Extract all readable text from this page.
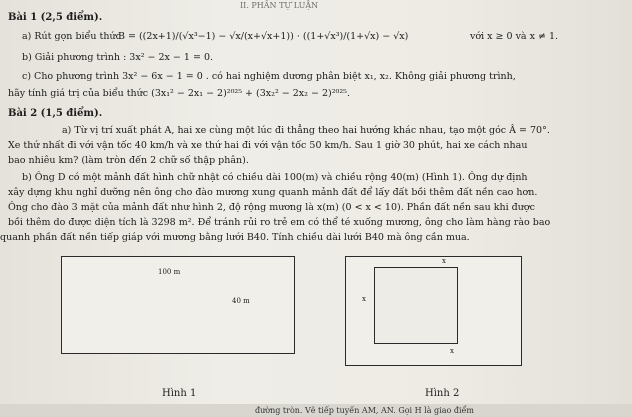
II. PHẦN TỰ LUẬN
Bài 1 (2,5 điểm).
a) Rút gọn biểu thức
B = ((2x+1)/(√x³−1) − √x/(x+√x+1)) · ((1+√x³)/(1+√x) − √x)	với x ≥ 0 và x ≠ 1.
b) Giải phương trình : 3x² − 2x − 1 = 0.
c) Cho phương trình 3x² − 6x − 1 = 0 . có hai nghiệm dương phân biệt x₁, x₂. Không giải phương trình,
hãy tính giá trị của biểu thức (3x₁² − 2x₁ − 2)²⁰²⁵ + (3x₂² − 2x₂ − 2)²⁰²⁵.
Bài 2 (1,5 điểm).
a) Từ vị trí xuất phát A, hai xe cùng một lúc đi thẳng theo hai hướng khác nhau, tạo một góc Â = 70°.
Xe thứ nhất đi với vận tốc 40 km/h và xe thứ hai đi với vận tốc 50 km/h. Sau 1 giờ 30 phút, hai xe cách nhau
bao nhiêu km? (làm tròn đến 2 chữ số thập phân).
b) Ông D có một mảnh đất hình chữ nhật có chiều dài 100(m) và chiều rộng 40(m) (Hình 1). Ông dự định
xây dựng khu nghỉ dưỡng nên ông cho đào mương xung quanh mảnh đất để lấy đất bồi thêm đất nền cao hơn.
Ông cho đào 3 mặt của mảnh đất như hình 2, độ rộng mương là x(m) (0 < x < 10). Phần đất nền sau khi được
bồi thêm do được diện tích là 3298 m². Để tránh rủi ro trẻ em có thể té xuống mương, ông cho làm hàng rào bao
quanh phần đất nền tiếp giáp với mương bằng lưới B40. Tính chiều dài lưới B40 mà ông cần mua.
100 m
40 m
Hình 1
x
x
x
Hình 2
đường tròn. Vẽ tiếp tuyến AM, AN. Gọi H là giao điểm
